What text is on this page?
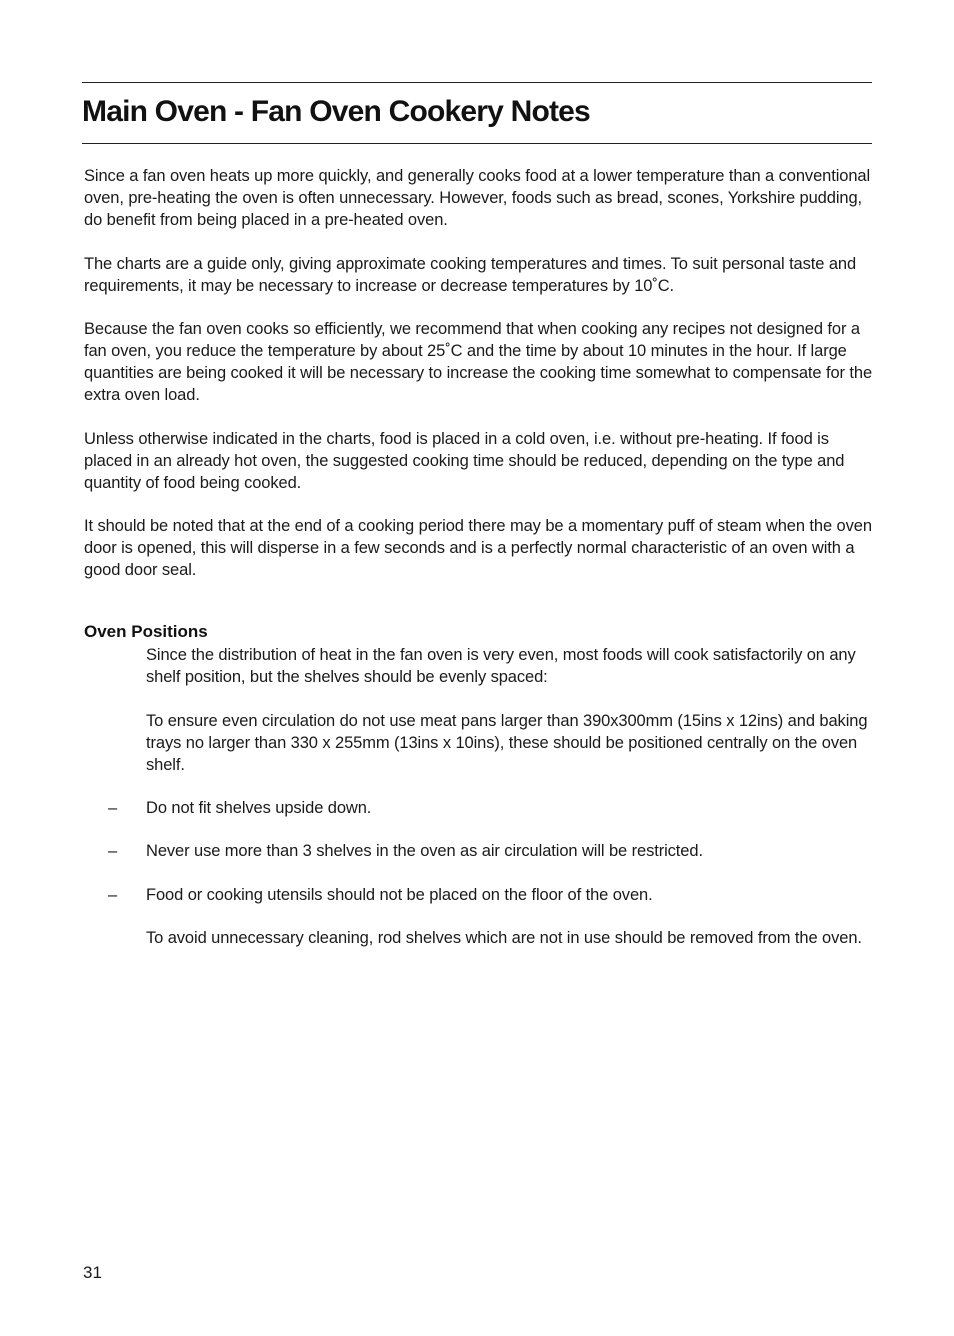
Main Oven - Fan Oven Cookery Notes

Since a fan oven heats up more quickly, and generally cooks food at a lower temperature than a conventional oven, pre-heating the oven is often unnecessary. However, foods such as bread, scones, Yorkshire pudding, do benefit from being placed in a pre-heated oven.

The charts are a guide only, giving approximate cooking temperatures and times. To suit personal taste and requirements, it may be necessary to increase or decrease temperatures by 10˚C.

Because the fan oven cooks so efficiently, we recommend that when cooking any recipes not designed for a fan oven, you reduce the temperature by about 25˚C and the time by about 10 minutes in the hour. If large quantities are being cooked it will be necessary to increase the cooking time somewhat to compensate for the extra oven load.

Unless otherwise indicated in the charts, food is placed in a cold oven, i.e. without pre-heating. If food is placed in an already hot oven, the suggested cooking time should be reduced, depending on the type and quantity of food being cooked.

It should be noted that at the end of a cooking period there may be a momentary puff of steam when the oven door is opened, this will disperse in a few seconds and is a perfectly normal characteristic of an oven with a good door seal.

Oven Positions

Since the distribution of heat in the fan oven is very even, most foods will cook satisfactorily on any shelf position, but the shelves should be evenly spaced:

To ensure even circulation do not use meat pans larger than 390x300mm (15ins x 12ins) and baking trays no larger than 330 x 255mm (13ins x 10ins), these should be positioned centrally on the oven shelf.

– Do not fit shelves upside down.

– Never use more than 3 shelves in the oven as air circulation will be restricted.

– Food or cooking utensils should not be placed on the floor of the oven.

To avoid unnecessary cleaning, rod shelves which are not in use should be removed from the oven.

31
